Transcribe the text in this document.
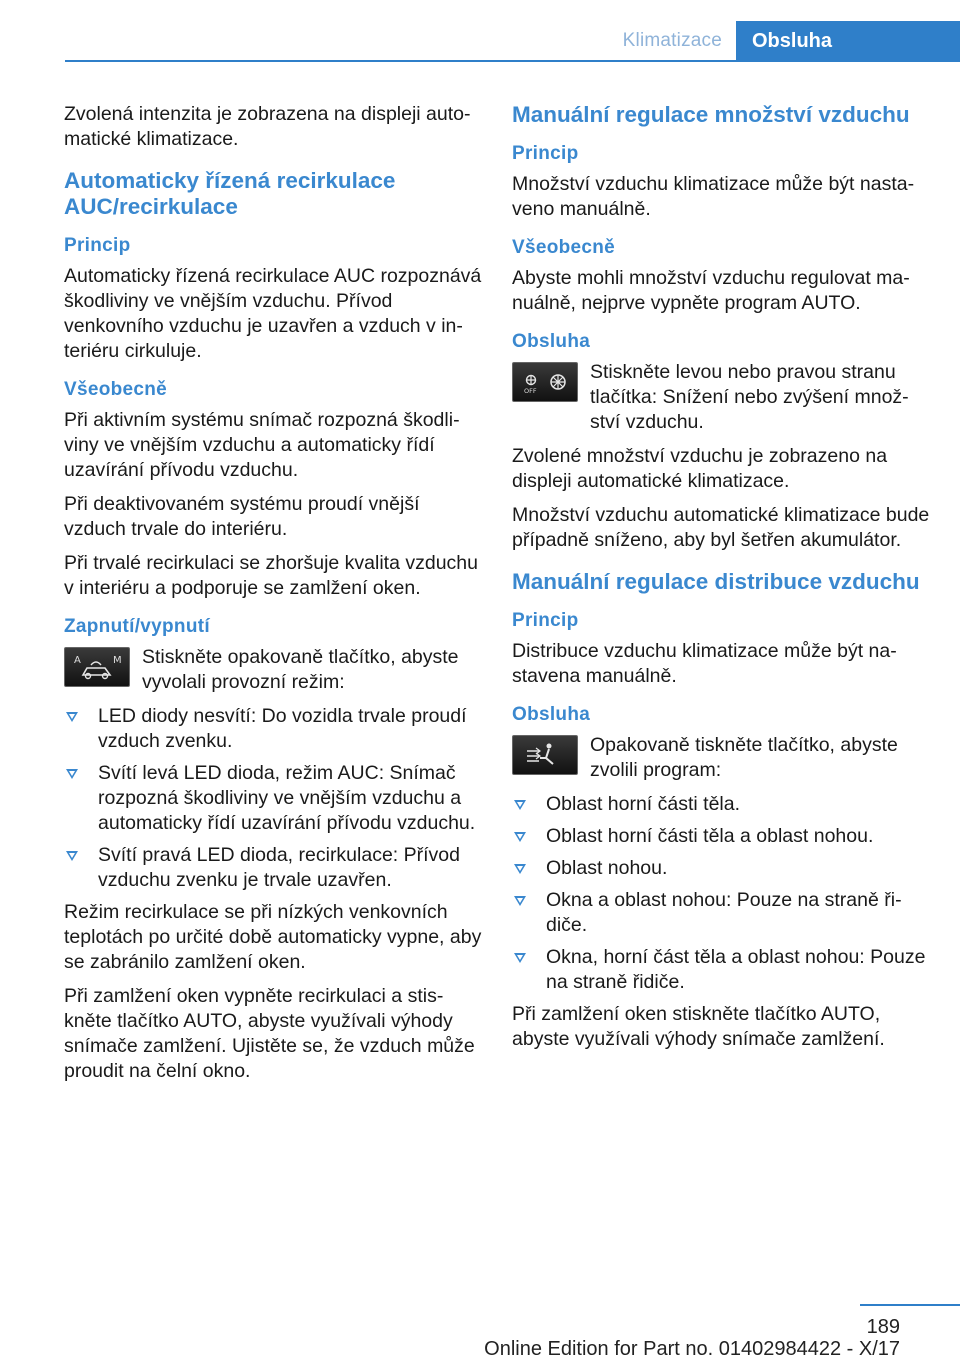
Klimatizace	Obsluha

Zvolená intenzita je zobrazena na displeji automatické klimatizace.

Automaticky řízená recirkulace AUC/recirkulace
Princip

Automaticky řízená recirkulace AUC rozpoznává škodliviny ve vnějším vzduchu. Přívod venkovního vzduchu je uzavřen a vzduch v interiéru cirkuluje.

Všeobecně

Při aktivním systému snímač rozpozná škodliviny ve vnějším vzduchu a automaticky řídí uzavírání přívodu vzduchu.

Při deaktivovaném systému proudí vnější vzduch trvale do interiéru.

Při trvalé recirkulaci se zhoršuje kvalita vzduchu v interiéru a podporuje se zamlžení oken.

Zapnutí/vypnutí
A	M Stiskněte opakovaně tlačítko, abyste vyvolali provozní režim:

LED diody nesvítí: Do vozidla trvale proudí vzduch zvenku.
Svítí levá LED dioda, režim AUC: Snímač rozpozná škodliviny ve vnějším vzduchu a automaticky řídí uzavírání přívodu vzduchu.
Svítí pravá LED dioda, recirkulace: Přívod vzduchu zvenku je trvale uzavřen.

Režim recirkulace se při nízkých venkovních teplotách po určité době automaticky vypne, aby se zabránilo zamlžení oken.

Při zamlžení oken vypněte recirkulaci a stiskněte tlačítko AUTO, abyste využívali výhody snímače zamlžení. Ujistěte se, že vzduch může proudit na čelní okno.

Manuální regulace množství vzduchu
Princip

Množství vzduchu klimatizace může být nastaveno manuálně.

Všeobecně

Abyste mohli množství vzduchu regulovat manuálně, nejprve vypněte program AUTO.

Obsluha
OFF

Stiskněte levou nebo pravou stranu tlačítka: Snížení nebo zvýšení množství vzduchu.

Zvolené množství vzduchu je zobrazeno na displeji automatické klimatizace.

Množství vzduchu automatické klimatizace bude případně sníženo, aby byl šetřen akumulátor.

Manuální regulace distribuce vzduchu
Princip

Distribuce vzduchu klimatizace může být nastavena manuálně.

Obsluha

Opakovaně tiskněte tlačítko, abyste zvolili program:

Oblast horní části těla.
Oblast horní části těla a oblast nohou.
Oblast nohou.
Okna a oblast nohou: Pouze na straně řidiče.
Okna, horní část těla a oblast nohou: Pouze na straně řidiče.

Při zamlžení oken stiskněte tlačítko AUTO, abyste využívali výhody snímače zamlžení.

189
Online Edition for Part no. 01402984422 - X/17
